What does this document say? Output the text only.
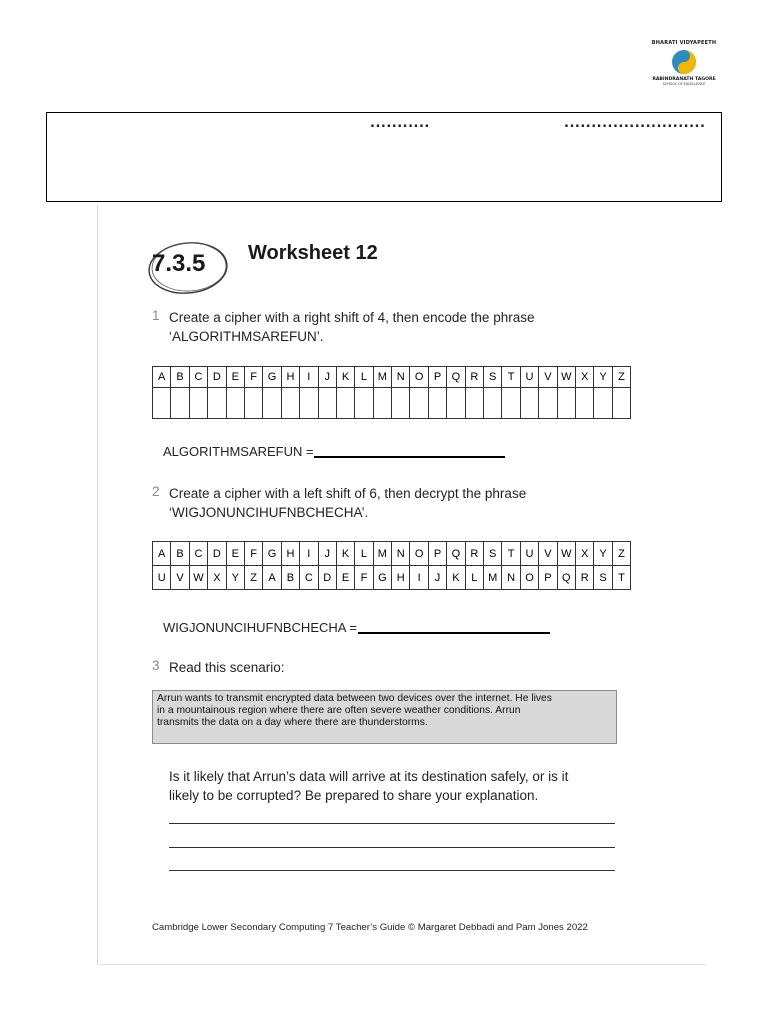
BHARATI VIDYAPEETH
RABINDRANATH TAGORE
SCHOOL OF EXCELLENCE
...........	..........................
7.3.5 Worksheet 12
1 Create a cipher with a right shift of 4, then encode the phrase
‘ALGORITHMSAREFUN’.
A	B	C	D	E	F	G	H	I	J	K	L	M	N	O	P	Q	R	S	T	U	V	W	X	Y	Z

ALGORITHMSAREFUN =
2 Create a cipher with a left shift of 6, then decrypt the phrase
‘WIGJONUNCIHUFNBCHECHA’.
A	B	C	D	E	F	G	H	I	J	K	L	M	N	O	P	Q	R	S	T	U	V	W	X	Y	Z
U	V	W	X	Y	Z	A	B	C	D	E	F	G	H	I	J	K	L	M	N	O	P	Q	R	S	T
WIGJONUNCIHUFNBCHECHA =
3 Read this scenario:
Arrun wants to transmit encrypted data between two devices over the internet. He lives
in a mountainous region where there are often severe weather conditions. Arrun
transmits the data on a day where there are thunderstorms.
Is it likely that Arrun’s data will arrive at its destination safely, or is it
likely to be corrupted? Be prepared to share your explanation.
Cambridge Lower Secondary Computing 7 Teacher’s Guide © Margaret Debbadi and Pam Jones 2022
